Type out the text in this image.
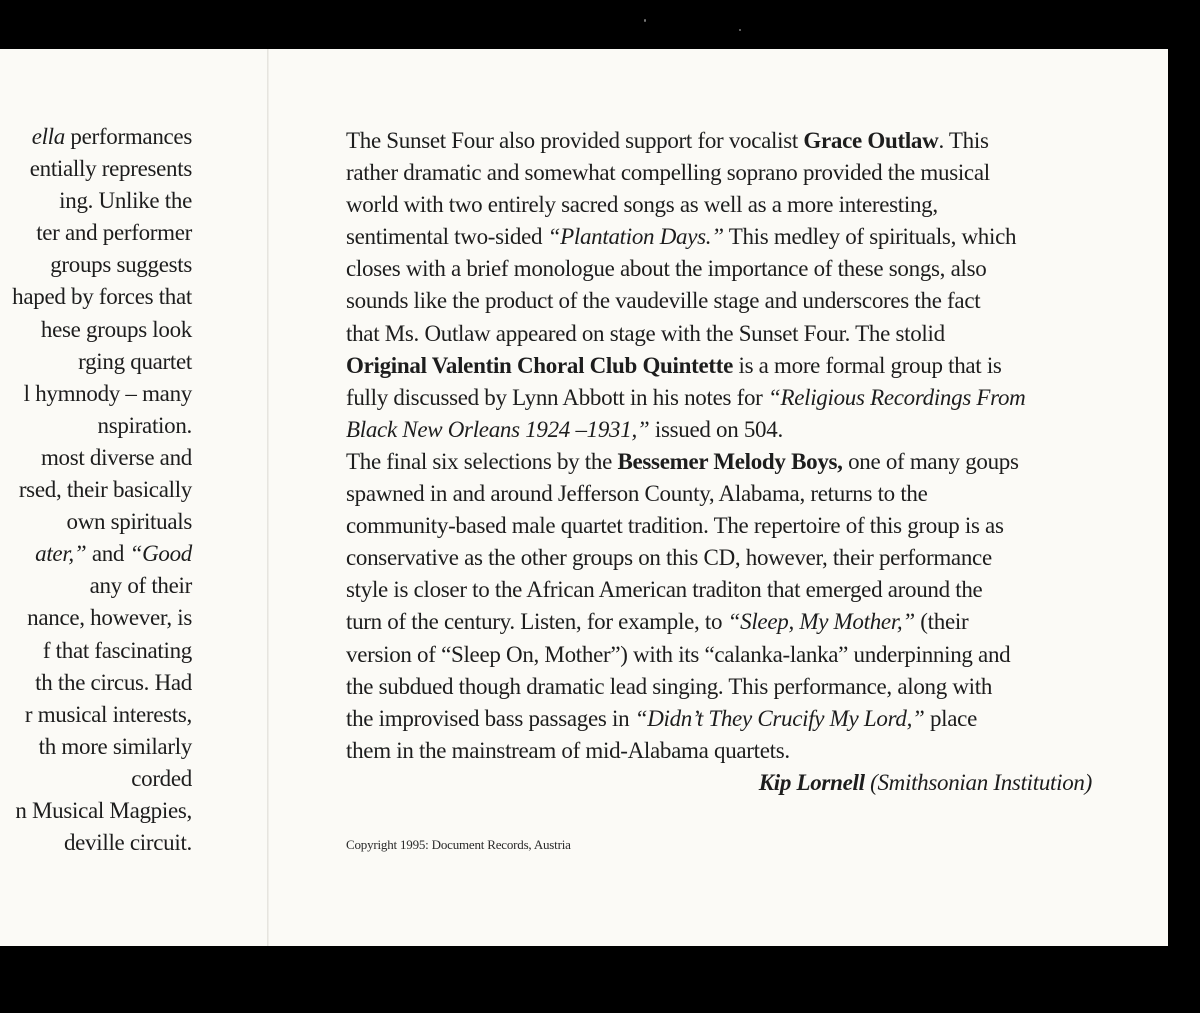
ella performances
entially represents
ing. Unlike the
ter and performer
groups suggests
haped by forces that
hese groups look
rging quartet
l hymnody – many
nspiration.
most diverse and
rsed, their basically
own spirituals
ater,” and “Good
any of their
nance, however, is
f that fascinating
th the circus. Had
r musical interests,
th more similarly
corded
n Musical Magpies,
deville circuit.
The Sunset Four also provided support for vocalist Grace Outlaw. This
rather dramatic and somewhat compelling soprano provided the musical
world with two entirely sacred songs as well as a more interesting,
sentimental two-sided “Plantation Days.” This medley of spirituals, which
closes with a brief monologue about the importance of these songs, also
sounds like the product of the vaudeville stage and underscores the fact
that Ms. Outlaw appeared on stage with the Sunset Four. The stolid
Original Valentin Choral Club Quintette is a more formal group that is
fully discussed by Lynn Abbott in his notes for “Religious Recordings From
Black New Orleans 1924 –1931,” issued on 504.
The final six selections by the Bessemer Melody Boys, one of many goups
spawned in and around Jefferson County, Alabama, returns to the
community-based male quartet tradition. The repertoire of this group is as
conservative as the other groups on this CD, however, their performance
style is closer to the African American traditon that emerged around the
turn of the century. Listen, for example, to “Sleep, My Mother,” (their
version of “Sleep On, Mother”) with its “calanka-lanka” underpinning and
the subdued though dramatic lead singing. This performance, along with
the improvised bass passages in “Didn’t They Crucify My Lord,” place
them in the mainstream of mid-Alabama quartets.
Kip Lornell (Smithsonian Institution)
Copyright 1995: Document Records, Austria
